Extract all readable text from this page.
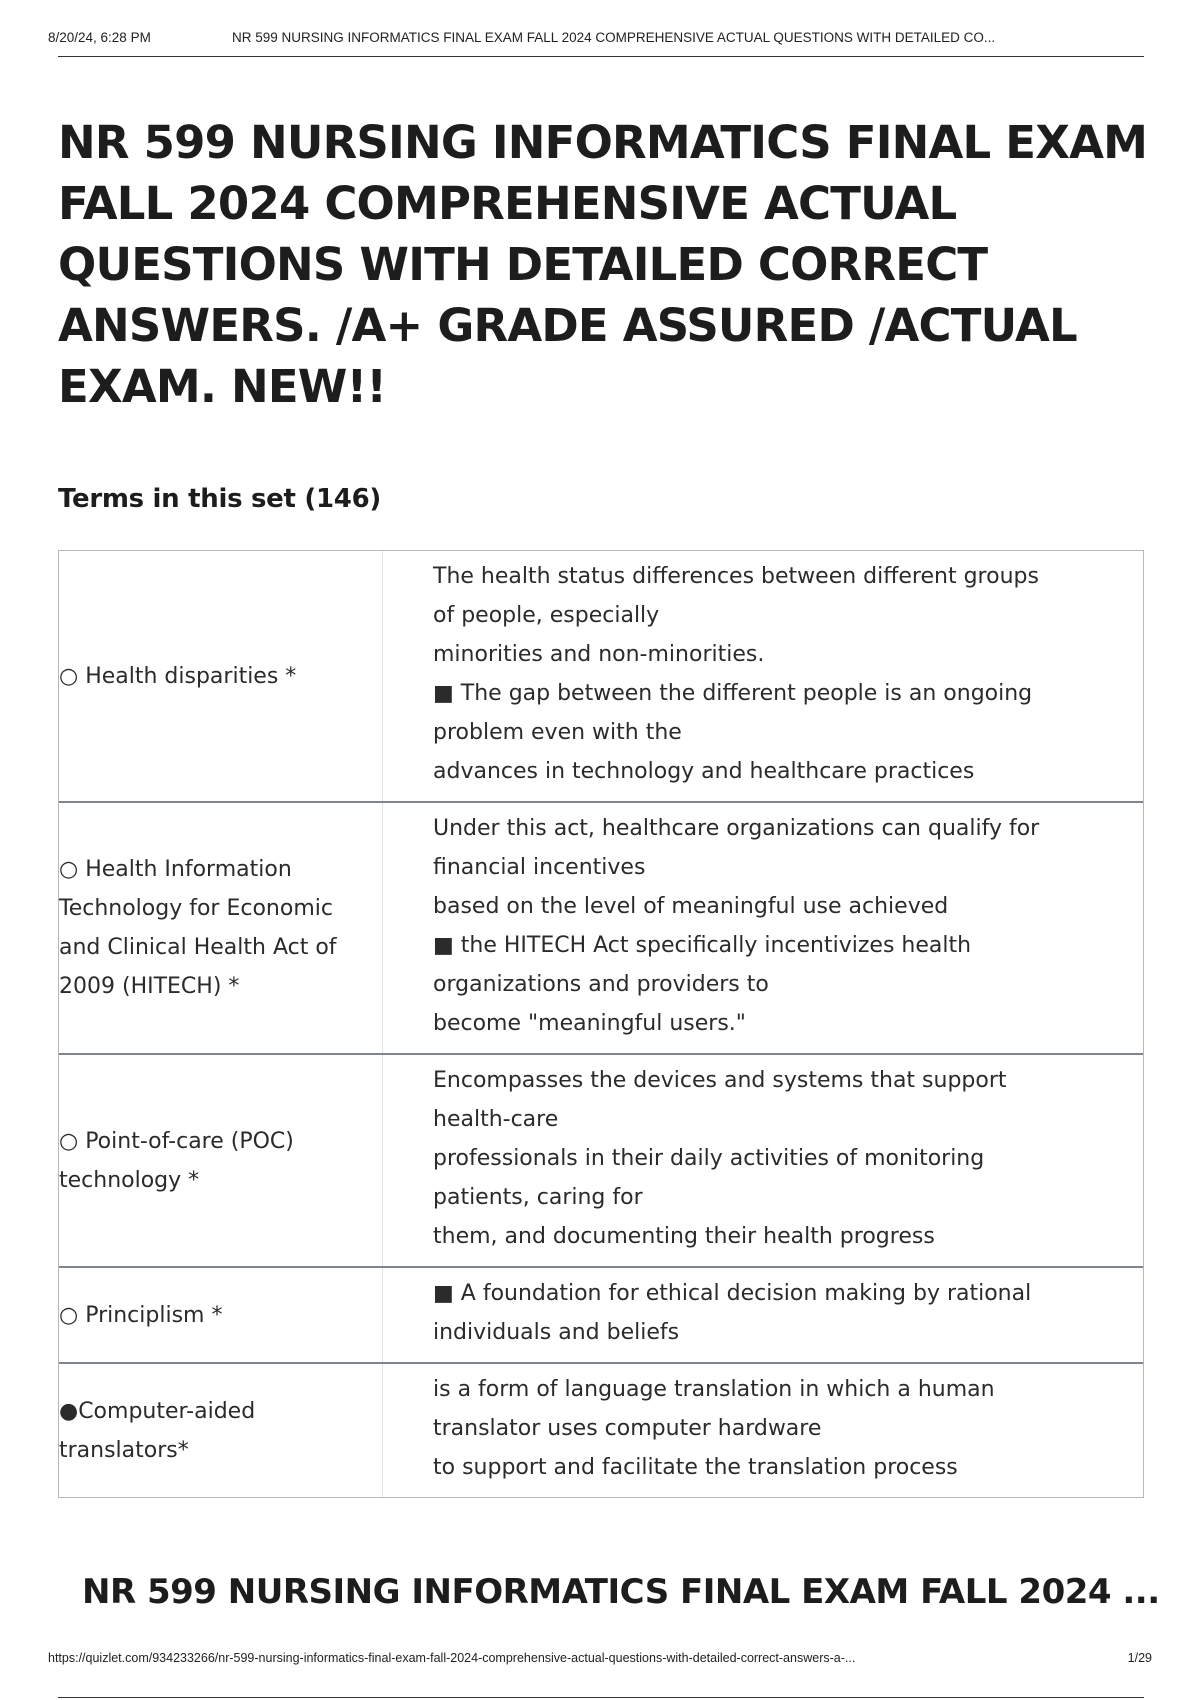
8/20/24, 6:28 PM	NR 599 NURSING INFORMATICS FINAL EXAM FALL 2024 COMPREHENSIVE ACTUAL QUESTIONS WITH DETAILED CO...
NR 599 NURSING INFORMATICS FINAL EXAM
FALL 2024 COMPREHENSIVE ACTUAL
QUESTIONS WITH DETAILED CORRECT
ANSWERS. /A+ GRADE ASSURED /ACTUAL
EXAM. NEW!!
Terms in this set (146)
○ Health disparities *
The health status differences between different groups
of people, especially
minorities and non-minorities.
■ The gap between the different people is an ongoing
problem even with the
advances in technology and healthcare practices
○ Health Information
Technology for Economic
and Clinical Health Act of
2009 (HITECH) *
Under this act, healthcare organizations can qualify for
financial incentives
based on the level of meaningful use achieved
■ the HITECH Act specifically incentivizes health
organizations and providers to
become "meaningful users."
○ Point-of-care (POC)
technology *
Encompasses the devices and systems that support
health-care
professionals in their daily activities of monitoring
patients, caring for
them, and documenting their health progress
○ Principlism *
■ A foundation for ethical decision making by rational
individuals and beliefs
●Computer-aided
translators*
is a form of language translation in which a human
translator uses computer hardware
to support and facilitate the translation process
NR 599 NURSING INFORMATICS FINAL EXAM FALL 2024 ...
https://quizlet.com/934233266/nr-599-nursing-informatics-final-exam-fall-2024-comprehensive-actual-questions-with-detailed-correct-answers-a-...	1/29
